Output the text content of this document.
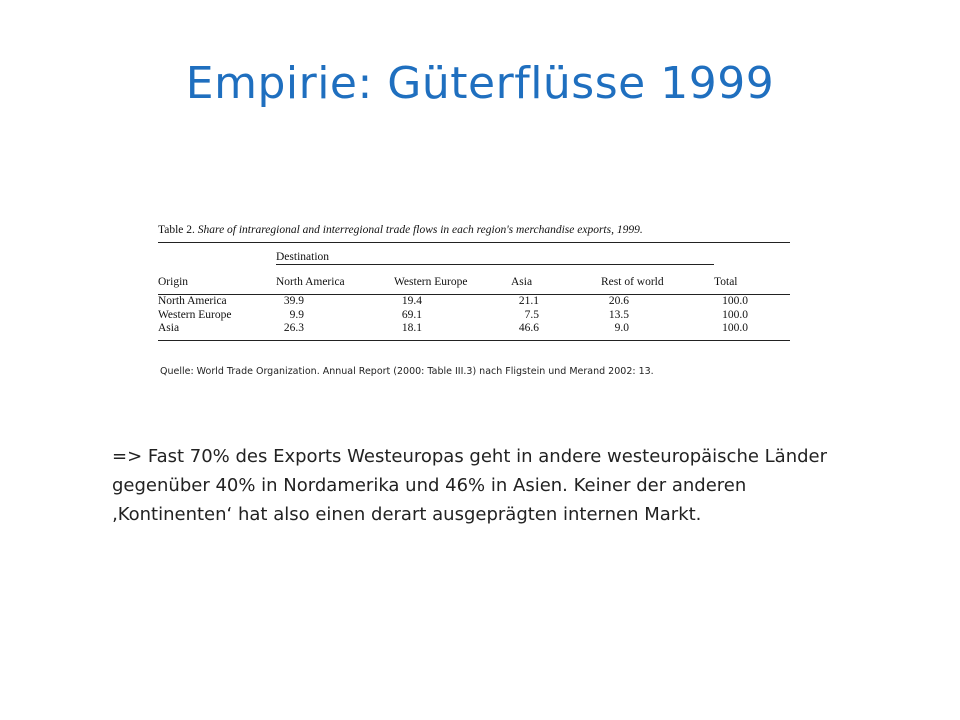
Empirie: Güterflüsse 1999
Table 2. Share of intraregional and interregional trade flows in each region's merchandise exports, 1999.

	Destination				

Origin	North America	Western Europe	Asia	Rest of world	Total

North America	39.9	19.4	21.1	20.6	100.0
Western Europe	9.9	69.1	7.5	13.5	100.0
Asia	26.3	18.1	46.6	9.0	100.0
Quelle: World Trade Organization. Annual Report (2000: Table III.3) nach Fligstein und Merand 2002: 13.

=> Fast 70% des Exports Westeuropas geht in andere westeuropäische Länder

gegenüber 40% in Nordamerika und 46% in Asien. Keiner der anderen

‚Kontinenten‘ hat also einen derart ausgeprägten internen Markt.
